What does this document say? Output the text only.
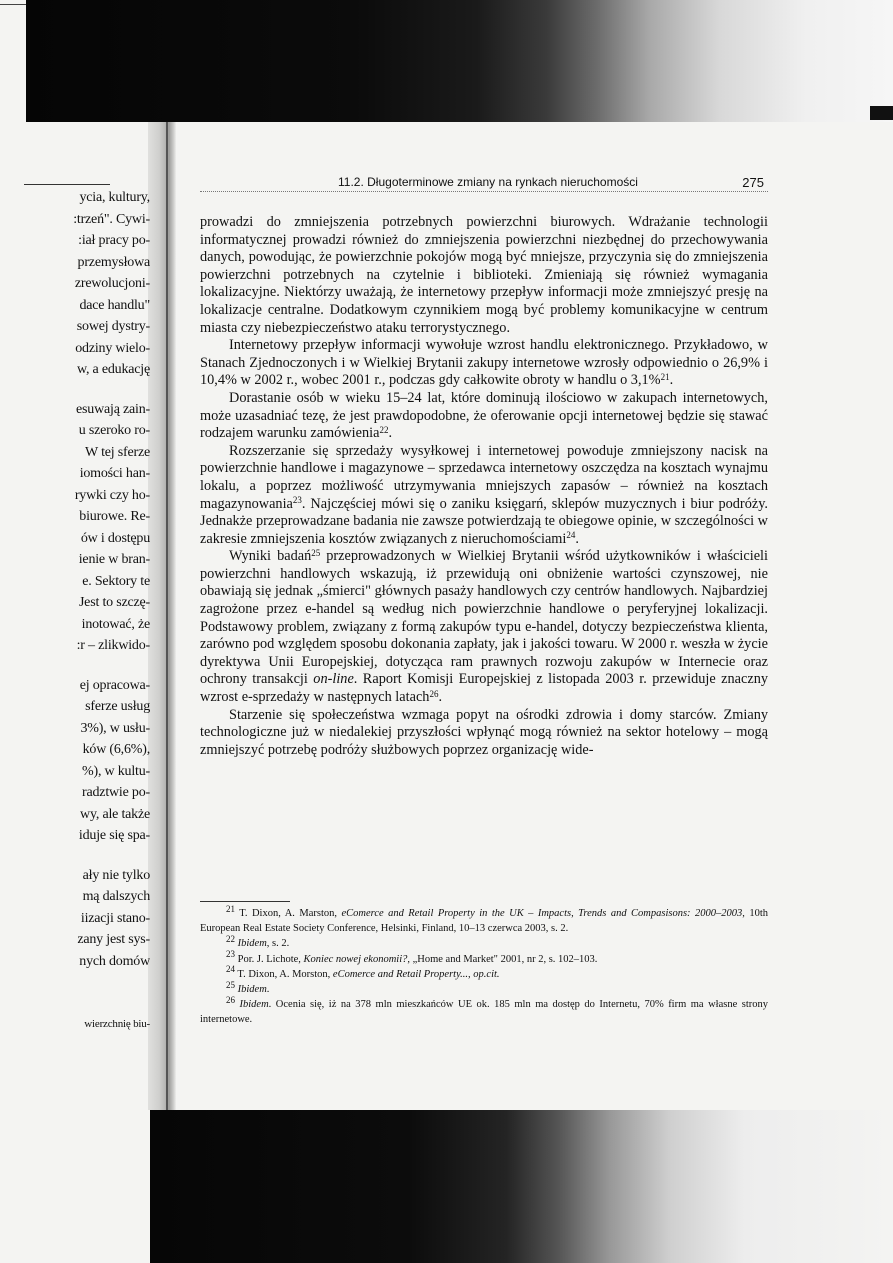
ycia, kultury,
:trzeń". Cywi-
:iał pracy po-
przemysłowa
zrewolucjoni-
dace handlu"
sowej dystry-
odziny wielo-
w, a edukację
esuwają zain-
u szeroko ro-
W tej sferze
iomości han-
rywki czy ho-
biurowe. Re-
ów i dostępu
ienie w bran-
e. Sektory te
Jest to szczę-
inotować, że
:r – zlikwido-
ej opracowa-
sferze usług
3%), w usłu-
ków (6,6%),
%), w kultu-
radztwie po-
wy, ale także
iduje się spa-
ały nie tylko
mą dalszych
iizacji stano-
zany jest sys-
nych domów
wierzchnię biu-
11.2. Długoterminowe zmiany na rynkach nieruchomości	275

prowadzi do zmniejszenia potrzebnych powierzchni biurowych. Wdrażanie technologii informatycznej prowadzi również do zmniejszenia powierzchni niezbędnej do przechowywania danych, powodując, że powierzchnie pokojów mogą być mniejsze, przyczynia się do zmniejszenia powierzchni potrzebnych na czytelnie i biblioteki. Zmieniają się również wymagania lokalizacyjne. Niektórzy uważają, że internetowy przepływ informacji może zmniejszyć presję na lokalizacje centralne. Dodatkowym czynnikiem mogą być problemy komunikacyjne w centrum miasta czy niebezpieczeństwo ataku terrorystycznego.

Internetowy przepływ informacji wywołuje wzrost handlu elektronicznego. Przykładowo, w Stanach Zjednoczonych i w Wielkiej Brytanii zakupy internetowe wzrosły odpowiednio o 26,9% i 10,4% w 2002 r., wobec 2001 r., podczas gdy całkowite obroty w handlu o 3,1%$^{21}$.

Dorastanie osób w wieku 15–24 lat, które dominują ilościowo w zakupach internetowych, może uzasadniać tezę, że jest prawdopodobne, że oferowanie opcji internetowej będzie się stawać rodzajem warunku zamówienia$^{22}$.

Rozszerzanie się sprzedaży wysyłkowej i internetowej powoduje zmniejszony nacisk na powierzchnie handlowe i magazynowe – sprzedawca internetowy oszczędza na kosztach wynajmu lokalu, a poprzez możliwość utrzymywania mniejszych zapasów – również na kosztach magazynowania$^{23}$. Najczęściej mówi się o zaniku księgarń, sklepów muzycznych i biur podróży. Jednakże przeprowadzane badania nie zawsze potwierdzają te obiegowe opinie, w szczególności w zakresie zmniejszenia kosztów związanych z nieruchomościami$^{24}$.

Wyniki badań$^{25}$ przeprowadzonych w Wielkiej Brytanii wśród użytkowników i właścicieli powierzchni handlowych wskazują, iż przewidują oni obniżenie wartości czynszowej, nie obawiają się jednak „śmierci" głównych pasaży handlowych czy centrów handlowych. Najbardziej zagrożone przez e-handel są według nich powierzchnie handlowe o peryferyjnej lokalizacji. Podstawowy problem, związany z formą zakupów typu e-handel, dotyczy bezpieczeństwa klienta, zarówno pod względem sposobu dokonania zapłaty, jak i jakości towaru. W 2000 r. weszła w życie dyrektywa Unii Europejskiej, dotycząca ram prawnych rozwoju zakupów w Internecie oraz ochrony transakcji on-line. Raport Komisji Europejskiej z listopada 2003 r. przewiduje znaczny wzrost e-sprzedaży w następnych latach$^{26}$.

Starzenie się społeczeństwa wzmaga popyt na ośrodki zdrowia i domy starców. Zmiany technologiczne już w niedalekiej przyszłości wpłynąć mogą również na sektor hotelowy – mogą zmniejszyć potrzebę podróży służbowych poprzez organizację wide-

$^{21}$ T. Dixon, A. Marston, eComerce and Retail Property in the UK – Impacts, Trends and Compasisons: 2000–2003, 10th European Real Estate Society Conference, Helsinki, Finland, 10–13 czerwca 2003, s. 2.
$^{22}$ Ibidem, s. 2.
$^{23}$ Por. J. Lichote, Koniec nowej ekonomii?, „Home and Market" 2001, nr 2, s. 102–103.
$^{24}$ T. Dixon, A. Morston, eComerce and Retail Property..., op.cit.
$^{25}$ Ibidem.
$^{26}$ Ibidem. Ocenia się, iż na 378 mln mieszkańców UE ok. 185 mln ma dostęp do Internetu, 70% firm ma własne strony internetowe.
